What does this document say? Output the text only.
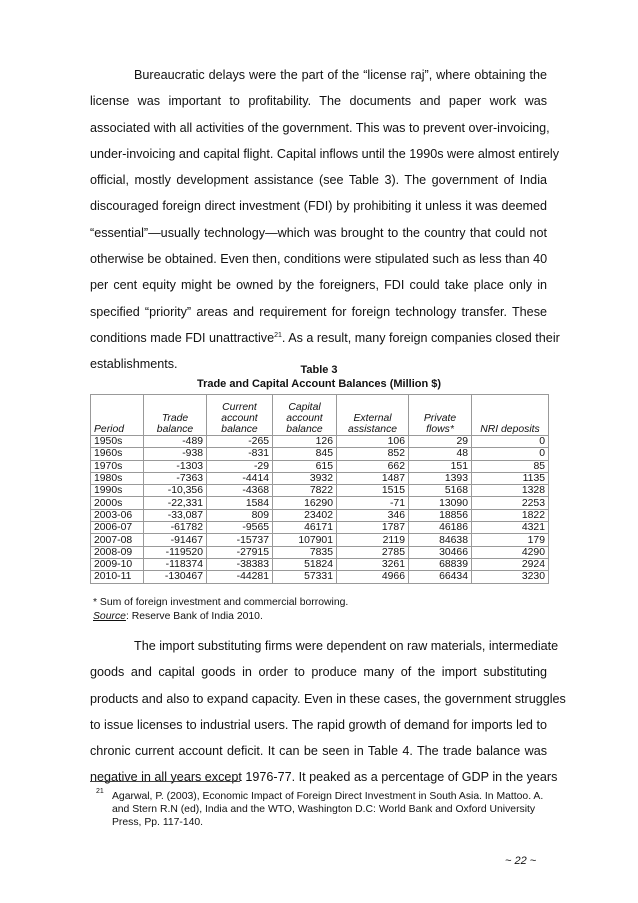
Bureaucratic delays were the part of the “license raj”, where obtaining the
license was important to profitability. The documents and paper work was
associated with all activities of the government. This was to prevent over-invoicing,
under-invoicing and capital flight. Capital inflows until the 1990s were almost entirely
official, mostly development assistance (see Table 3). The government of India
discouraged foreign direct investment (FDI) by prohibiting it unless it was deemed
“essential”—usually technology—which was brought to the country that could not
otherwise be obtained. Even then, conditions were stipulated such as less than 40
per cent equity might be owned by the foreigners, FDI could take place only in
specified “priority” areas and requirement for foreign technology transfer. These
conditions made FDI unattractive$^{21}$. As a result, many foreign companies closed their
establishments.	Table 3
Trade and Capital Account Balances (Million $)
Period	Trade balance	Current account balance	Capital account balance	External assistance	Private flows*	NRI deposits
1950s	-489	-265	126	106	29	0
1960s	-938	-831	845	852	48	0
1970s	-1303	-29	615	662	151	85
1980s	-7363	-4414	3932	1487	1393	1135
1990s	-10,356	-4368	7822	1515	5168	1328
2000s	-22,331	1584	16290	-71	13090	2253
2003-06	-33,087	809	23402	346	18856	1822
2006-07	-61782	-9565	46171	1787	46186	4321
2007-08	-91467	-15737	107901	2119	84638	179
2008-09	-119520	-27915	7835	2785	30466	4290
2009-10	-118374	-38383	51824	3261	68839	2924
2010-11	-130467	-44281	57331	4966	66434	3230
* Sum of foreign investment and commercial borrowing.
Source: Reserve Bank of India 2010.
The import substituting firms were dependent on raw materials, intermediate
goods and capital goods in order to produce many of the import substituting
products and also to expand capacity. Even in these cases, the government struggles
to issue licenses to industrial users. The rapid growth of demand for imports led to
chronic current account deficit. It can be seen in Table 4. The trade balance was
negative in all years except 1976-77. It peaked as a percentage of GDP in the years
21 Agarwal, P. (2003), Economic Impact of Foreign Direct Investment in South Asia. In Mattoo. A. and Stern R.N (ed), India and the WTO, Washington D.C: World Bank and Oxford University Press, Pp. 117-140.
~ 22 ~
